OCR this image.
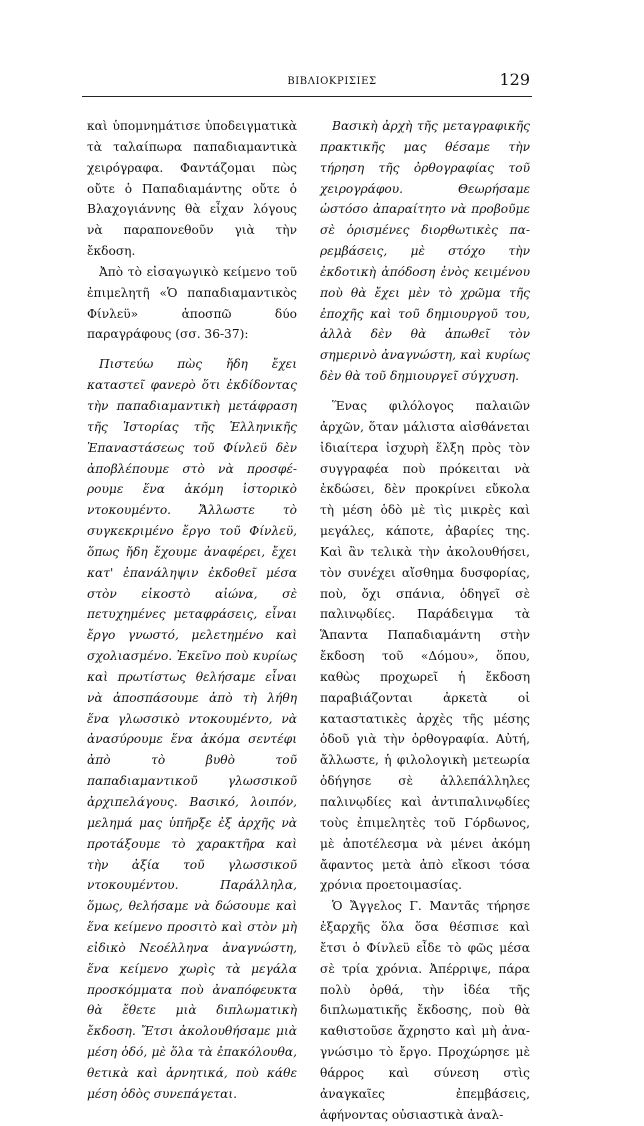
ΒΙΒΛΙΟΚΡΙΣΙΕΣ	129

καὶ ὑπομνημάτισε ὑποδειγματικὰ τὰ ταλαίπωρα παπαδιαμαντικὰ χειρόγραφα. Φαντάζομαι πὼς οὔτε ὁ Παπαδιαμάντης οὔτε ὁ Βλαχογιάννης θὰ εἶχαν λόγους νὰ παραπονεθοῦν γιὰ τὴν ἔκδοση.

Ἀπὸ τὸ εἰσαγωγικὸ κείμενο τοῦ ἐπιμελητῆ «Ὁ παπαδιαμαντικὸς Φίνλεϋ» ἀποσπῶ δύο παραγράφους (σσ. 36-37):

Πιστεύω πὼς ἤδη ἔχει καταστεῖ φανερὸ ὅτι ἐκδίδοντας τὴν παπαδιαμαντικὴ μετάφραση τῆς Ἱστορίας τῆς Ἑλληνικῆς Ἐπαναστάσεως τοῦ Φίνλεϋ δὲν ἀποβλέπουμε στὸ νὰ προσφέρουμε ἕνα ἀκόμη ἱστορικὸ ντοκουμέντο. Ἄλλωστε τὸ συγκεκριμένο ἔργο τοῦ Φίνλεϋ, ὅπως ἤδη ἔχουμε ἀναφέρει, ἔχει κατ' ἐπανάληψιν ἐκδοθεῖ μέσα στὸν εἰκοστὸ αἰώνα, σὲ πετυχημένες μεταφράσεις, εἶναι ἔργο γνωστό, μελετημένο καὶ σχολιασμένο. Ἐκεῖνο ποὺ κυρίως καὶ πρωτίστως θελήσαμε εἶναι νὰ ἀποσπάσουμε ἀπὸ τὴ λήθη ἕνα γλωσσικὸ ντοκουμέντο, νὰ ἀνασύρουμε ἕνα ἀκόμα σεντέφι ἀπὸ τὸ βυθὸ τοῦ παπαδιαμαντικοῦ γλωσσικοῦ ἀρχιπελάγους. Βασικό, λοιπόν, μελημά μας ὑπῆρξε ἐξ ἀρχῆς νὰ προτάξουμε τὸ χαρακτῆρα καὶ τὴν ἀξία τοῦ γλωσσικοῦ ντοκουμέντου. Παράλληλα, ὅμως, θελήσαμε νὰ δώσουμε καὶ ἕνα κείμενο προσιτὸ καὶ στὸν μὴ εἰδικὸ Νεοέλληνα ἀναγνώστη, ἕνα κείμενο χωρὶς τὰ μεγάλα προσκόμματα ποὺ ἀναπόφευκτα θὰ ἔθετε μιὰ διπλωματικὴ ἔκδοση. Ἔτσι ἀκολουθήσαμε μιὰ μέση ὁδό, μὲ ὅλα τὰ ἐπακόλουθα, θετικὰ καὶ ἀρνητικά, ποὺ κάθε μέση ὁδὸς συνεπάγεται.

Βασικὴ ἀρχὴ τῆς μεταγραφικῆς πρακτικῆς μας θέσαμε τὴν τήρηση τῆς ὀρθογραφίας τοῦ χειρογράφου. Θεωρήσαμε ὡστόσο ἀπαραίτητο νὰ προβοῦμε σὲ ὁρισμένες διορθωτικὲς παρεμβάσεις, μὲ στόχο τὴν ἐκδοτικὴ ἀπόδοση ἑνὸς κειμένου ποὺ θὰ ἔχει μὲν τὸ χρῶμα τῆς ἐποχῆς καὶ τοῦ δημιουργοῦ του, ἀλλὰ δὲν θὰ ἀπωθεῖ τὸν σημερινὸ ἀναγνώστη, καὶ κυρίως δὲν θὰ τοῦ δημιουργεῖ σύγχυση.

Ἕνας φιλόλογος παλαιῶν ἀρχῶν, ὅταν μάλιστα αἰσθάνεται ἰδιαίτερα ἰσχυρὴ ἕλξη πρὸς τὸν συγγραφέα ποὺ πρόκειται νὰ ἐκδώσει, δὲν προκρίνει εὔκολα τὴ μέση ὁδὸ μὲ τὶς μικρὲς καὶ μεγάλες, κάποτε, ἀβαρίες της. Καὶ ἂν τελικὰ τὴν ἀκολουθήσει, τὸν συνέχει αἴσθημα δυσφορίας, ποὺ, ὄχι σπάνια, ὁδηγεῖ σὲ παλινῳδίες. Παράδειγμα τὰ Ἅπαντα Παπαδιαμάντη στὴν ἔκδοση τοῦ «Δόμου», ὅπου, καθὼς προχωρεῖ ἡ ἔκδοση παραβιάζονται ἀρκετὰ οἱ καταστατικὲς ἀρχὲς τῆς μέσης ὁδοῦ γιὰ τὴν ὀρθογραφία. Αὐτή, ἄλλωστε, ἡ φιλολογικὴ μετεωρία ὁδήγησε σὲ ἀλλεπάλληλες παλινῳδίες καὶ ἀντιπαλινῳδίες τοὺς ἐπιμελητὲς τοῦ Γόρδωνος, μὲ ἀποτέλεσμα νὰ μένει ἀκόμη ἄφαντος μετὰ ἀπὸ εἴκοσι τόσα χρόνια προετοιμασίας.

Ὁ Ἄγγελος Γ. Μαντᾶς τήρησε ἐξαρχῆς ὅλα ὅσα θέσπισε καὶ ἔτσι ὁ Φίνλεϋ εἶδε τὸ φῶς μέσα σὲ τρία χρόνια. Ἀπέρριψε, πάρα πολὺ ὀρθά, τὴν ἰδέα τῆς διπλωματικῆς ἔκδοσης, ποὺ θὰ καθιστοῦσε ἄχρηστο καὶ μὴ ἀναγνώσιμο τὸ ἔργο. Προχώρησε μὲ θάρρος καὶ σύνεση στὶς ἀναγκαῖες ἐπεμβάσεις, ἀφήνοντας οὐσιαστικὰ ἀναλ-
